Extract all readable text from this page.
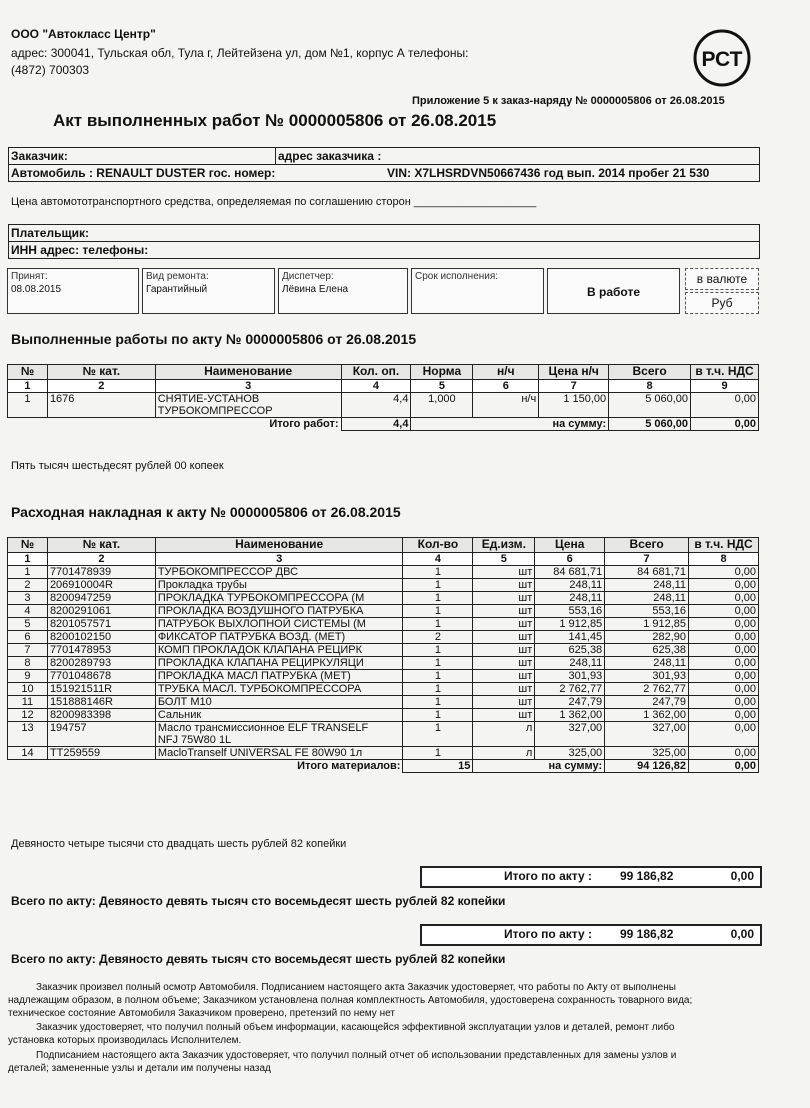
ООО "Автокласс Центр"
адрес: 300041, Тульская обл, Тула г, Лейтейзена ул, дом №1, корпус А телефоны:
(4872) 700303	РСТ
Приложение 5 к заказ-наряду № 0000005806 от 26.08.2015
Акт выполненных работ № 0000005806 от 26.08.2015
Заказчик:	адрес заказчика :
Автомобиль : RENAULT DUSTER гос. номер:	VIN: X7LHSRDVN50667436 год вып. 2014 пробег 21 530
Цена автомототранспортного средства, определяемая по соглашению сторон ____________________
Плательщик:
ИНН адрес: телефоны:
Принят:
08.08.2015
Вид ремонта:
Гарантийный
Диспетчер:
Лёвина Елена
Срок исполнения:
В работе
в валюте
Руб
Выполненные работы по акту № 0000005806 от 26.08.2015
№	№ кат.	Наименование	Кол. оп.	Норма	н/ч	Цена н/ч	Всего	в т.ч. НДС
1	2	3	4	5	6	7	8	9
1	1676	СНЯТИЕ-УСТАНОВ
ТУРБОКОМПРЕССОР	4,4	1,000	н/ч	1 150,00	5 060,00	0,00
Итого работ:			4,4	на сумму:			5 060,00	0,00
Пять тысяч шестьдесят рублей 00 копеек
Расходная накладная к акту № 0000005806 от 26.08.2015
№	№ кат.	Наименование	Кол-во	Ед.изм.	Цена	Всего	в т.ч. НДС
1	2	3	4	5	6	7	8
1	7701478939	ТУРБОКОМПРЕССОР ДВС	1	шт	84 681,71	84 681,71	0,00
2	206910004R	Прокладка трубы	1	шт	248,11	248,11	0,00
3	8200947259	ПРОКЛАДКА ТУРБОКОМПРЕССОРА (М	1	шт	248,11	248,11	0,00
4	8200291061	ПРОКЛАДКА ВОЗДУШНОГО ПАТРУБКА	1	шт	553,16	553,16	0,00
5	8201057571	ПАТРУБОК ВЫХЛОПНОЙ СИСТЕМЫ (М	1	шт	1 912,85	1 912,85	0,00
6	8200102150	ФИКСАТОР ПАТРУБКА ВОЗД. (МЕТ)	2	шт	141,45	282,90	0,00
7	7701478953	КОМП ПРОКЛАДОК КЛАПАНА РЕЦИРК	1	шт	625,38	625,38	0,00
8	8200289793	ПРОКЛАДКА КЛАПАНА РЕЦИРКУЛЯЦИ	1	шт	248,11	248,11	0,00
9	7701048678	ПРОКЛАДКА МАСЛ ПАТРУБКА (МЕТ)	1	шт	301,93	301,93	0,00
10	151921511R	ТРУБКА МАСЛ. ТУРБОКОМПРЕССОРА	1	шт	2 762,77	2 762,77	0,00
11	151888146R	БОЛТ М10	1	шт	247,79	247,79	0,00
12	8200983398	Сальник	1	шт	1 362,00	1 362,00	0,00
13	194757	Масло трансмиссионное ELF TRANSELF
NFJ 75W80 1L	1	л	327,00	327,00	0,00
14	TT259559	МасloTranself UNIVERSAL FE 80W90 1л	1	л	325,00	325,00	0,00
Итого материалов:			15	на сумму:		94 126,82	0,00
Девяносто четыре тысячи сто двадцать шесть рублей 82 копейки
Итого по акту : 99 186,82	0,00
Всего по акту: Девяносто девять тысяч сто восемьдесят шесть рублей 82 копейки
Итого по акту : 99 186,82	0,00
Всего по акту: Девяносто девять тысяч сто восемьдесят шесть рублей 82 копейки
Заказчик произвел полный осмотр Автомобиля. Подписанием настоящего акта Заказчик удостоверяет, что работы по Акту от выполнены
надлежащим образом, в полном объеме; Заказчиком установлена полная комплектность Автомобиля, удостоверена сохранность товарного вида;
техническое состояние Автомобиля Заказчиком проверено, претензий по нему нет
Заказчик удостоверяет, что получил полный объем информации, касающейся эффективной эксплуатации узлов и деталей, ремонт либо
установка которых производилась Исполнителем.
Подписанием настоящего акта Заказчик удостоверяет, что получил полный отчет об использовании представленных для замены узлов и
деталей; замененные узлы и детали им получены назад
